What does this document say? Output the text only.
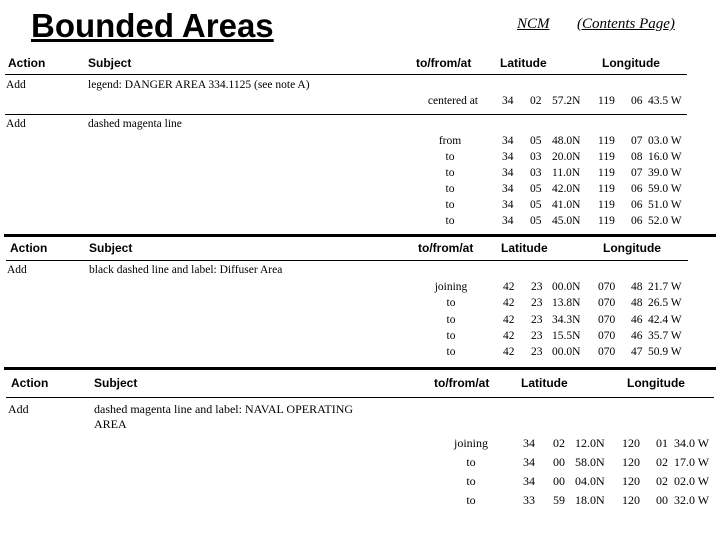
Bounded Areas	NCM (Contents Page)
Action	Subject	to/from/at Latitude	Longitude
Add	legend: DANGER AREA 334.1125 (see note A)
centered at 34 02 57.2N 119 06 43.5 W
Add	dashed magenta line
from	34 05 48.0N 119 07 03.0 W
to	34 03 20.0N 119 08 16.0 W
to	34 03 11.0N 119 07 39.0 W
to	34 05 42.0N 119 06 59.0 W
to	34 05 41.0N 119 06 51.0 W
to	34 05 45.0N 119 06 52.0 W
Action	Subject	to/from/at Latitude	Longitude
Add	black dashed line and label: Diffuser Area
joining	42 23 00.0N 070 48 21.7 W
to	42 23 13.8N 070 48 26.5 W
to	42 23 34.3N 070 46 42.4 W
to	42 23 15.5N 070 46 35.7 W
to	42 23 00.0N 070 47 50.9 W
Action	Subject	to/from/at	Latitude	Longitude
Add	dashed magenta line and label: NAVAL OPERATING
AREA
joining	34 02 12.0N 120 01 34.0 W
to	34 00 58.0N 120 02 17.0 W
to	34 00 04.0N 120 02 02.0 W
to	33 59 18.0N 120 00 32.0 W
